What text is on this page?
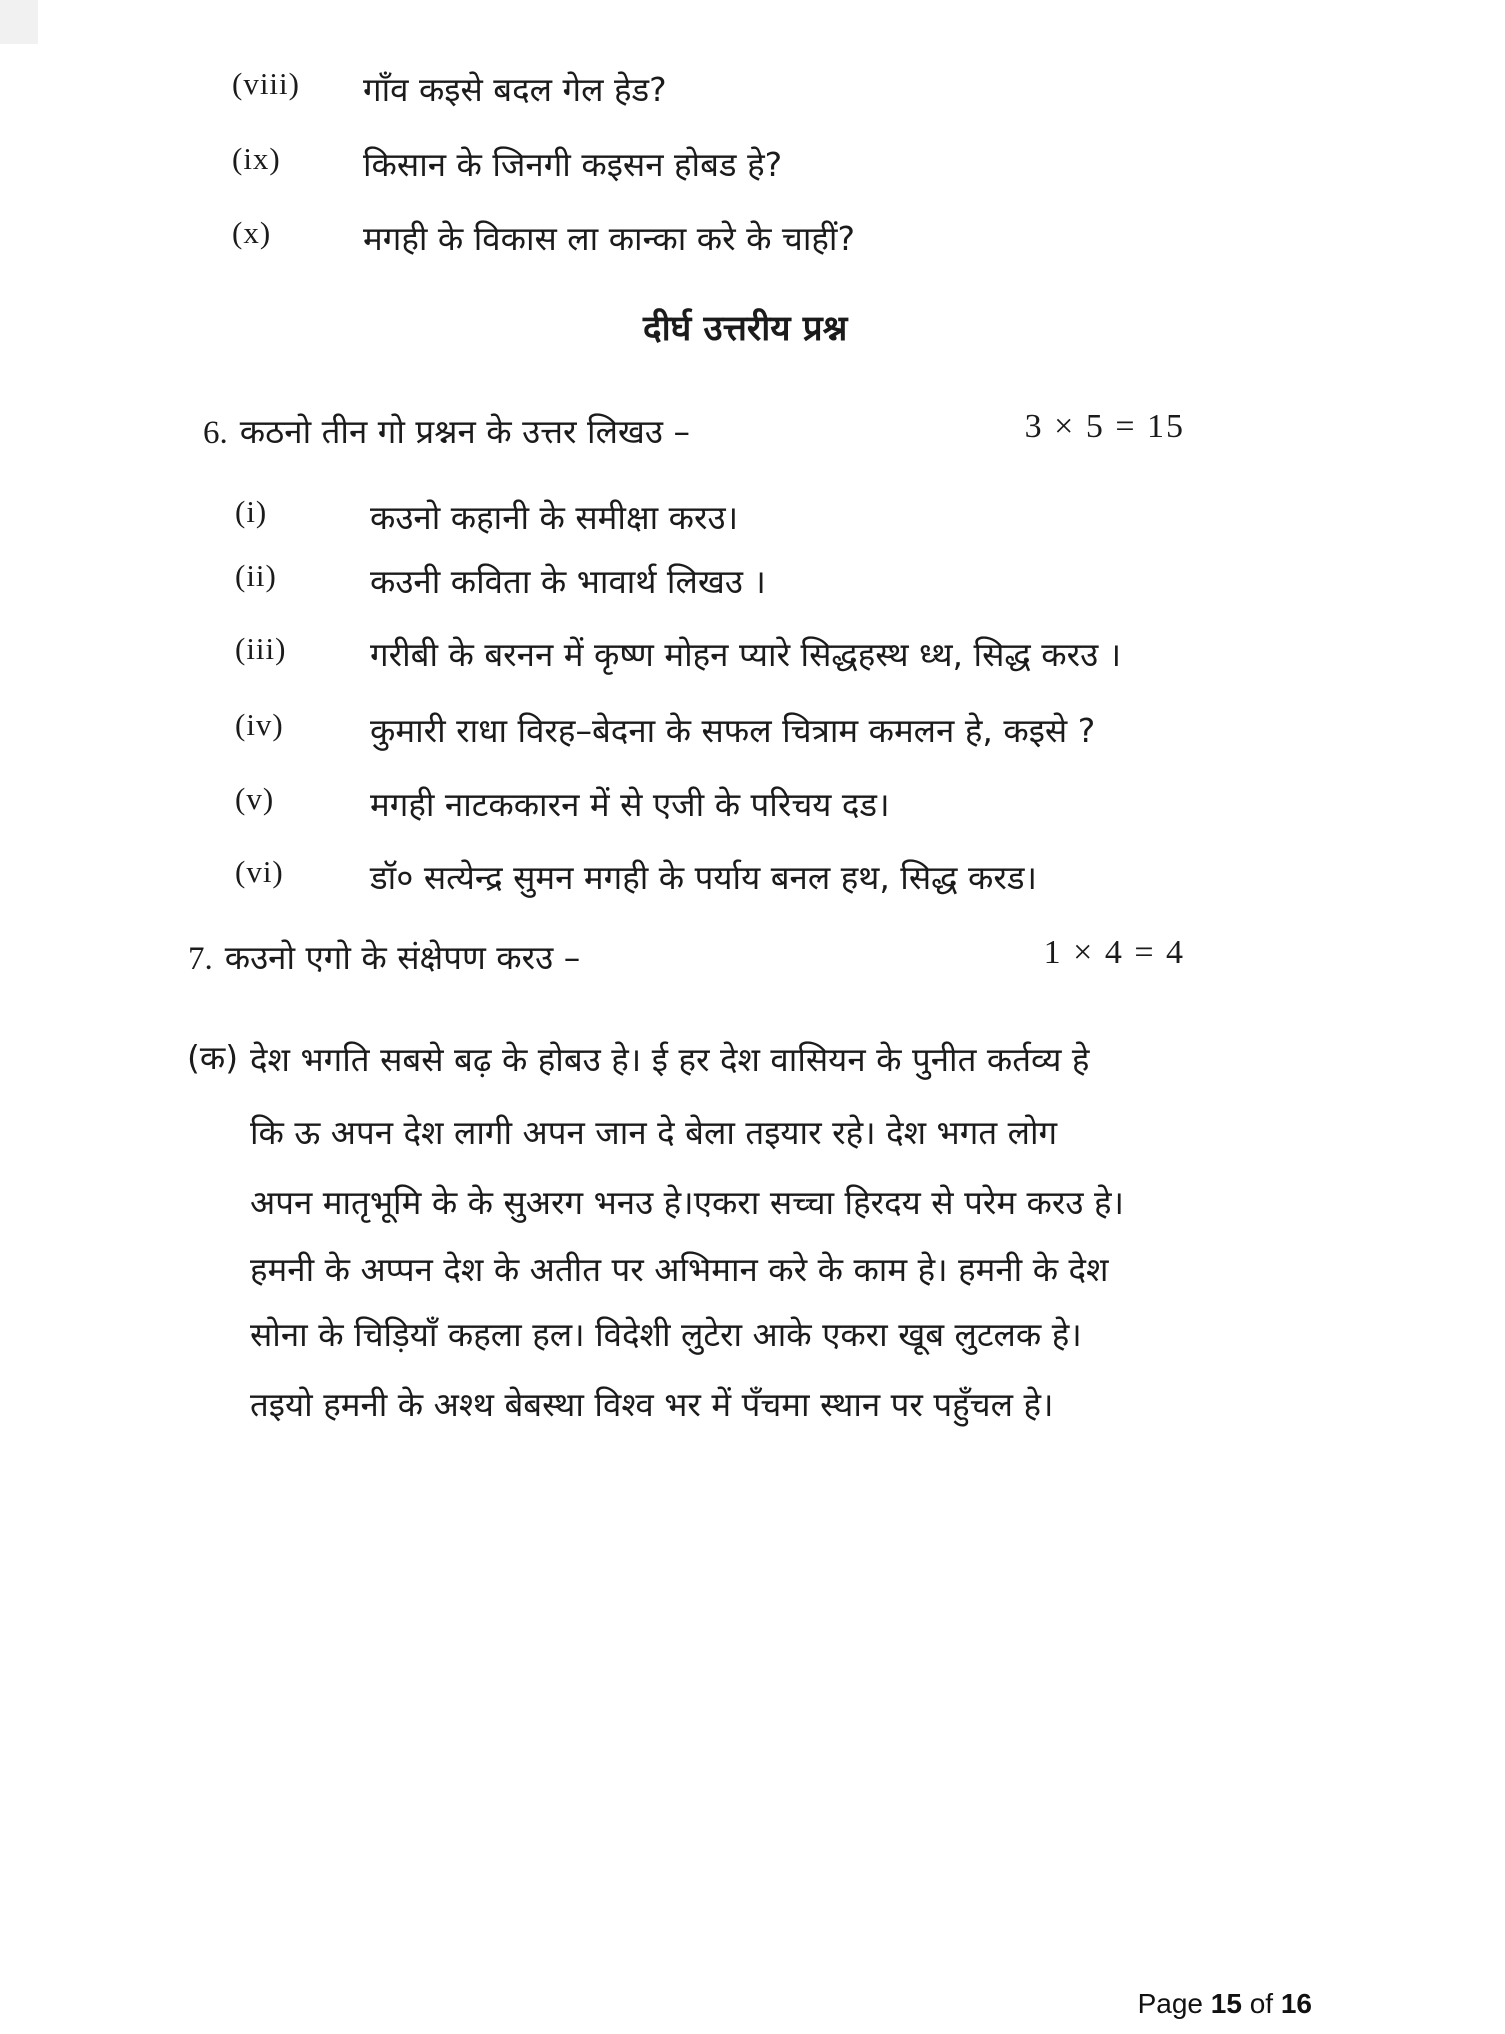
(viii) गाँव कइसे बदल गेल हेड?
(ix) किसान के जिनगी कइसन होबड हे?
(x)	मगही के विकास ला कान्का करे के चाहीं?
दीर्घ उत्तरीय प्रश्न
6. कठनो तीन गो प्रश्नन के उत्तर लिखउ –	3 × 5 = 15
(i)	कउनो कहानी के समीक्षा करउ।
(ii)	कउनी कविता के भावार्थ लिखउ ।
(iii)	गरीबी के बरनन में कृष्ण मोहन प्यारे सिद्धहस्थ ध्थ, सिद्ध करउ ।
(iv)	कुमारी राधा विरह–बेदना के सफल चित्राम कमलन हे, कइसे ?
(v)	मगही नाटककारन में से एजी के परिचय दड।
(vi)	डॉ० सत्येन्द्र सुमन मगही के पर्याय बनल हथ, सिद्ध करड।
7. कउनो एगो के संक्षेपण करउ –	1 × 4 = 4
(क) देश भगति सबसे बढ़ के होबउ हे। ई हर देश वासियन के पुनीत कर्तव्य हे
कि ऊ अपन देश लागी अपन जान दे बेला तइयार रहे। देश भगत लोग
अपन मातृभूमि के के सुअरग भनउ हे।एकरा सच्चा हिरदय से परेम करउ हे।
हमनी के अप्पन देश के अतीत पर अभिमान करे के काम हे। हमनी के देश
सोना के चिड़ियाँ कहला हल। विदेशी लुटेरा आके एकरा खूब लुटलक हे।
तइयो हमनी के अश्थ बेबस्था विश्व भर में पँचमा स्थान पर पहुँचल हे।
Page 15 of 16
